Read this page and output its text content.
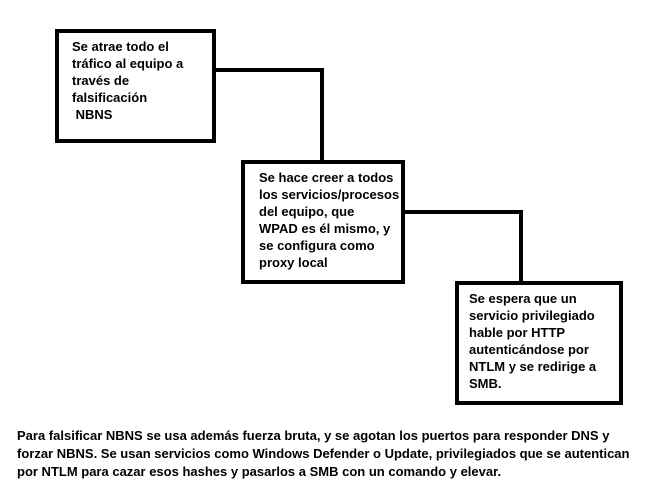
Se atrae todo el
tráfico al equipo a
través de
falsificación
NBNS
Se hace creer a todos
los servicios/procesos
del equipo, que
WPAD es él mismo, y
se configura como
proxy local
Se espera que un
servicio privilegiado
hable por HTTP
autenticándose por
NTLM y se redirige a
SMB.
Para falsificar NBNS se usa además fuerza bruta, y se agotan los puertos para responder DNS y
forzar NBNS. Se usan servicios como Windows Defender o Update, privilegiados que se autentican
por NTLM para cazar esos hashes y pasarlos a SMB con un comando y elevar.
